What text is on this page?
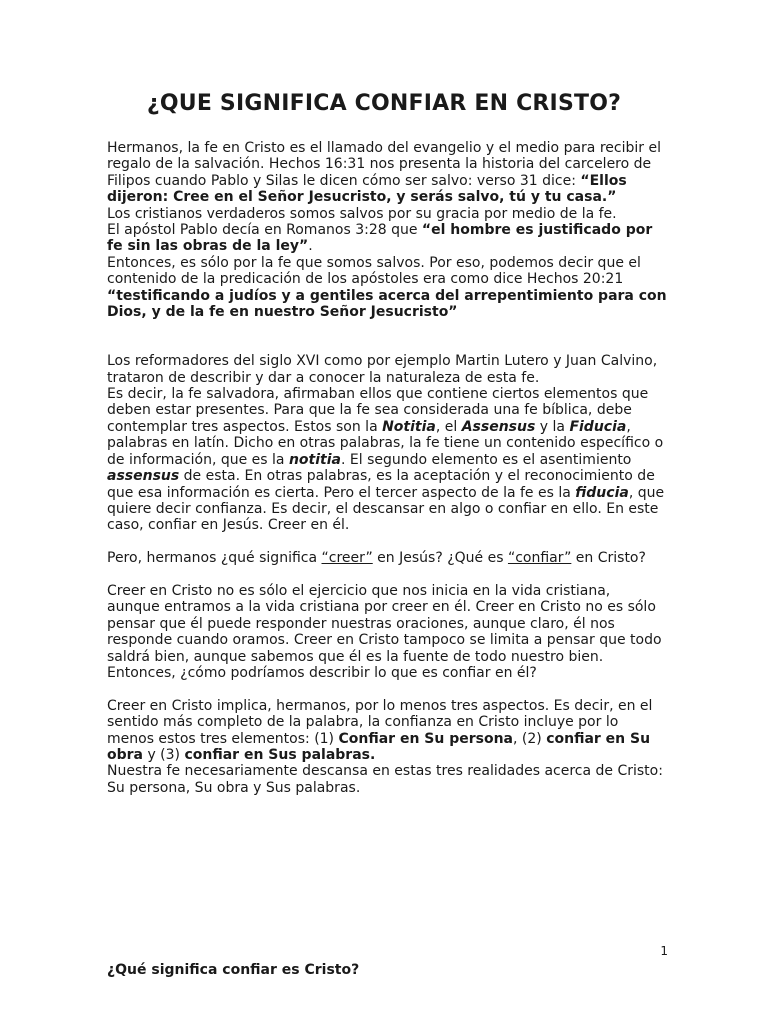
¿QUE SIGNIFICA CONFIAR EN CRISTO?

Hermanos, la fe en Cristo es el llamado del evangelio y el medio para recibir el regalo de la salvación. Hechos 16:31 nos presenta la historia del carcelero de Filipos cuando Pablo y Silas le dicen cómo ser salvo: verso 31 dice: “Ellos dijeron: Cree en el Señor Jesucristo, y serás salvo, tú y tu casa.”

Los cristianos verdaderos somos salvos por su gracia por medio de la fe.

El apóstol Pablo decía en Romanos 3:28 que “el hombre es justificado por fe sin las obras de la ley”.

Entonces, es sólo por la fe que somos salvos. Por eso, podemos decir que el contenido de la predicación de los apóstoles era como dice Hechos 20:21
“testificando a judíos y a gentiles acerca del arrepentimiento para con Dios, y de la fe en nuestro Señor Jesucristo”

Los reformadores del siglo XVI como por ejemplo Martin Lutero y Juan Calvino, trataron de describir y dar a conocer la naturaleza de esta fe.

Es decir, la fe salvadora, afirmaban ellos que contiene ciertos elementos que deben estar presentes. Para que la fe sea considerada una fe bíblica, debe contemplar tres aspectos. Estos son la Notitia, el Assensus y la Fiducia, palabras en latín. Dicho en otras palabras, la fe tiene un contenido específico o de información, que es la notitia. El segundo elemento es el asentimiento assensus de esta. En otras palabras, es la aceptación y el reconocimiento de que esa información es cierta. Pero el tercer aspecto de la fe es la fiducia, que quiere decir confianza. Es decir, el descansar en algo o confiar en ello. En este caso, confiar en Jesús. Creer en él.

Pero, hermanos ¿qué significa “creer” en Jesús? ¿Qué es “confiar” en Cristo?

Creer en Cristo no es sólo el ejercicio que nos inicia en la vida cristiana, aunque entramos a la vida cristiana por creer en él. Creer en Cristo no es sólo pensar que él puede responder nuestras oraciones, aunque claro, él nos responde cuando oramos. Creer en Cristo tampoco se limita a pensar que todo saldrá bien, aunque sabemos que él es la fuente de todo nuestro bien. Entonces, ¿cómo podríamos describir lo que es confiar en él?

Creer en Cristo implica, hermanos, por lo menos tres aspectos. Es decir, en el sentido más completo de la palabra, la confianza en Cristo incluye por lo menos estos tres elementos: (1) Confiar en Su persona, (2) confiar en Su obra y (3) confiar en Sus palabras.

Nuestra fe necesariamente descansa en estas tres realidades acerca de Cristo: Su persona, Su obra y Sus palabras.

1
¿Qué significa confiar es Cristo?
